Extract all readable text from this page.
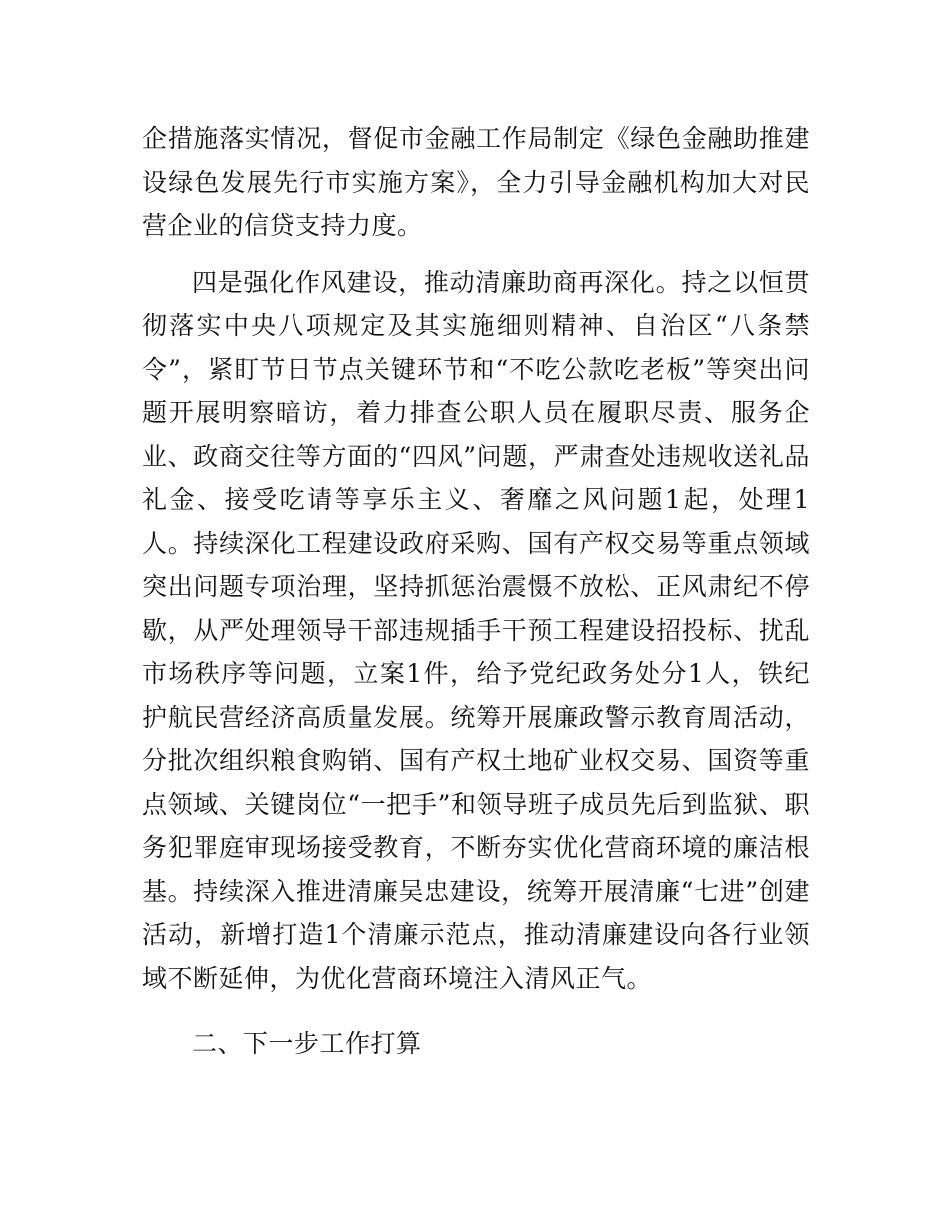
企措施落实情况，督促市金融工作局制定《绿色金融助推建设绿色发展先行市实施方案》，全力引导金融机构加大对民营企业的信贷支持力度。

四是强化作风建设，推动清廉助商再深化。持之以恒贯彻落实中央八项规定及其实施细则精神、自治区“八条禁令”，紧盯节日节点关键环节和“不吃公款吃老板”等突出问题开展明察暗访，着力排查公职人员在履职尽责、服务企业、政商交往等方面的“四风”问题，严肃查处违规收送礼品礼金、接受吃请等享乐主义、奢靡之风问题1起，处理1人。持续深化工程建设政府采购、国有产权交易等重点领域突出问题专项治理，坚持抓惩治震慑不放松、正风肃纪不停歇，从严处理领导干部违规插手干预工程建设招投标、扰乱市场秩序等问题，立案1件，给予党纪政务处分1人，铁纪护航民营经济高质量发展。统筹开展廉政警示教育周活动，分批次组织粮食购销、国有产权土地矿业权交易、国资等重点领域、关键岗位“一把手”和领导班子成员先后到监狱、职务犯罪庭审现场接受教育，不断夯实优化营商环境的廉洁根基。持续深入推进清廉吴忠建设，统筹开展清廉“七进”创建活动，新增打造1个清廉示范点，推动清廉建设向各行业领域不断延伸，为优化营商环境注入清风正气。

二、下一步工作打算
